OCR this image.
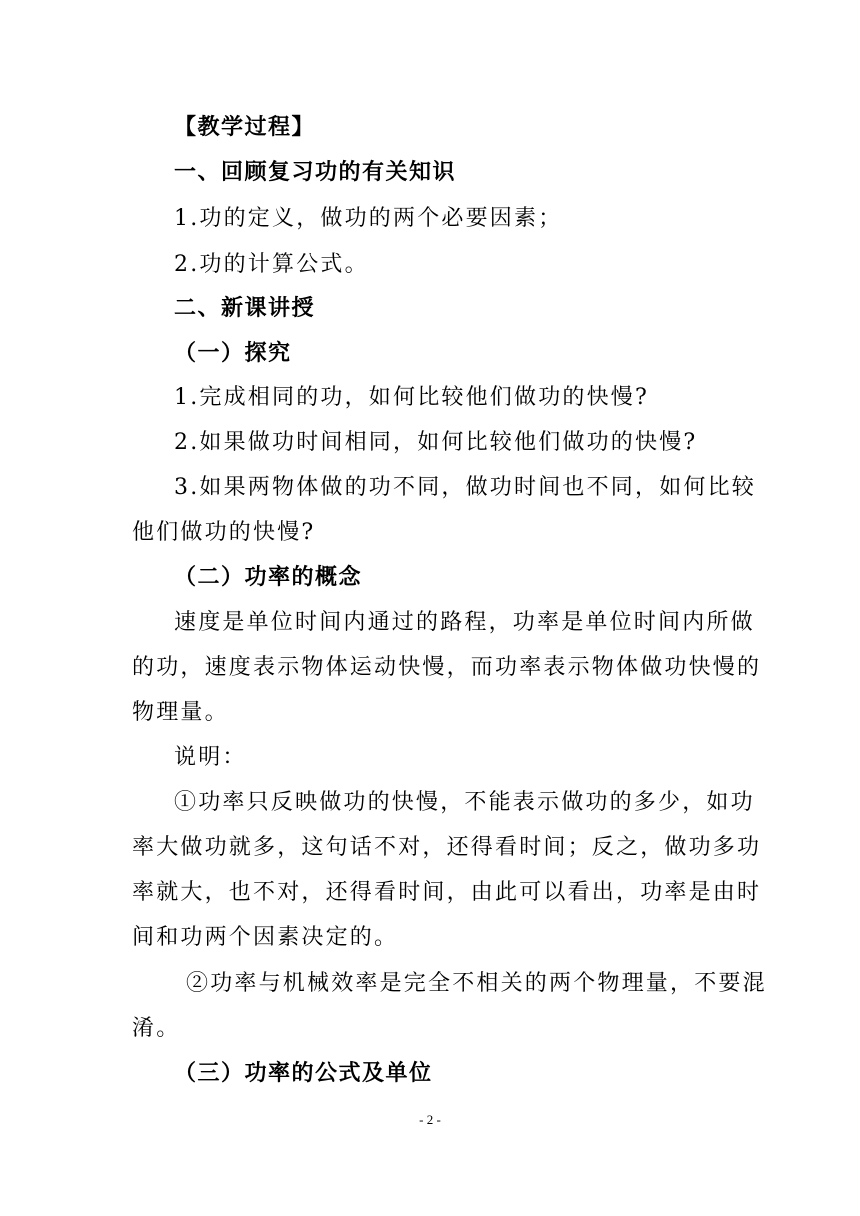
【教学过程】
一、回顾复习功的有关知识
1.功的定义，做功的两个必要因素；
2.功的计算公式。
二、新课讲授
（一）探究
1.完成相同的功，如何比较他们做功的快慢?
2.如果做功时间相同，如何比较他们做功的快慢?
3.如果两物体做的功不同，做功时间也不同，如何比较
他们做功的快慢?
（二）功率的概念
速度是单位时间内通过的路程，功率是单位时间内所做
的功，速度表示物体运动快慢，而功率表示物体做功快慢的
物理量。
说明：
①功率只反映做功的快慢，不能表示做功的多少，如功
率大做功就多，这句话不对，还得看时间；反之，做功多功
率就大，也不对，还得看时间，由此可以看出，功率是由时
间和功两个因素决定的。
②功率与机械效率是完全不相关的两个物理量，不要混
淆。
（三）功率的公式及单位
- 2 -
